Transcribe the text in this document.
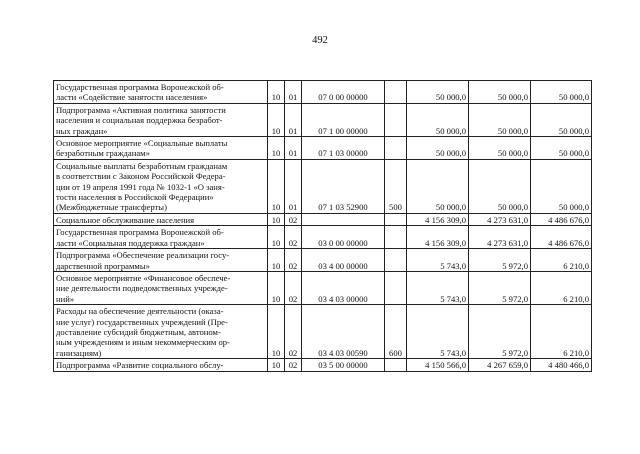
492
Государственная программа Воронежской об-
ласти «Содействие занятости населения»	10	01	07 0 00 00000		50 000,0	50 000,0	50 000,0

Подпрограмма «Активная политика занятости
населения и социальная поддержка безработ-
ных граждан»	10	01	07 1 00 00000		50 000,0	50 000,0	50 000,0

Основное мероприятие «Социальные выплаты
безработным гражданам»	10	01	07 1 03 00000		50 000,0	50 000,0	50 000,0

Социальные выплаты безработным гражданам
в соответствии с Законом Российской Федера-
ции от 19 апреля 1991 года № 1032-1 «О заня-
тости населения в Российской Федерации»
(Межбюджетные трансферты)	10	01	07 1 03 52900	500	50 000,0	50 000,0	50 000,0

Социальное обслуживание населения	10	02			4 156 309,0	4 273 631,0	4 486 676,0

Государственная программа Воронежской об-
ласти «Социальная поддержка граждан»	10	02	03 0 00 00000		4 156 309,0	4 273 631,0	4 486 676,0

Подпрограмма «Обеспечение реализации госу-
дарственной программы»	10	02	03 4 00 00000		5 743,0	5 972,0	6 210,0

Основное мероприятие «Финансовое обеспече-
ние деятельности подведомственных учрежде-
ний»	10	02	03 4 03 00000		5 743,0	5 972,0	6 210,0

Расходы на обеспечение деятельности (оказа-
ние услуг) государственных учреждений (Пре-
доставление субсидий бюджетным, автоном-
ным учреждениям и иным некоммерческим ор-
ганизациям)	10	02	03 4 03 00590	600	5 743,0	5 972,0	6 210,0

Подпрограмма «Развитие социального обслу-	10	02	03 5 00 00000		4 150 566,0	4 267 659,0	4 480 466,0
